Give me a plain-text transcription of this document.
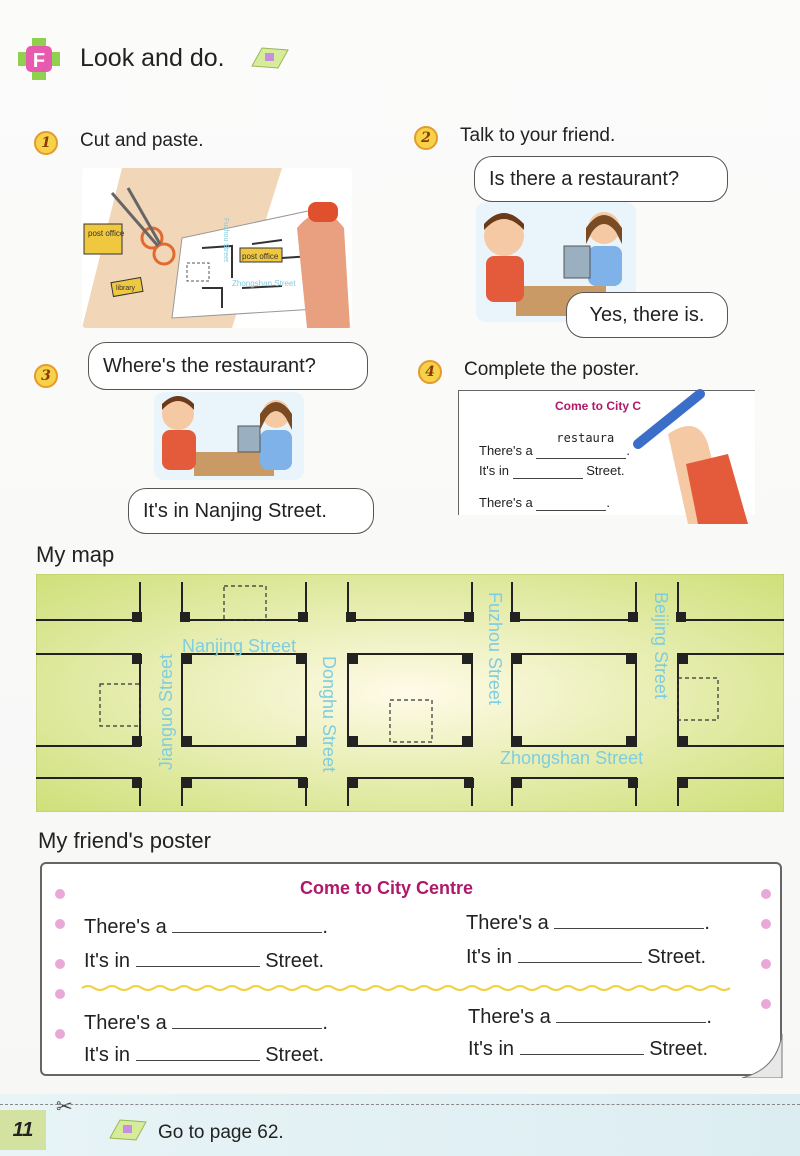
F Look and do.
1	Cut and paste.
post office
Zhongshan Street
Fuzhou Street
post office
library
2	Talk to your friend.
Is there a restaurant?
Yes, there is.
3	Where's the restaurant?
It's in Nanjing Street.
4	Complete the poster.
Come to City C
There's a
restaura
.
It's in	Street.
There's a	.
My map
Nanjing Street
Jianguo Street	Donghu Street
Fuzhou Street	Beijing Street
Zhongshan Street
My friend's poster
Come to City Centre
There's a	.
It's in	Street.
There's a	.
It's in	Street.
There's a	.
It's in	Street.
There's a	.
It's in	Street.
✂
11	Go to page 62.
